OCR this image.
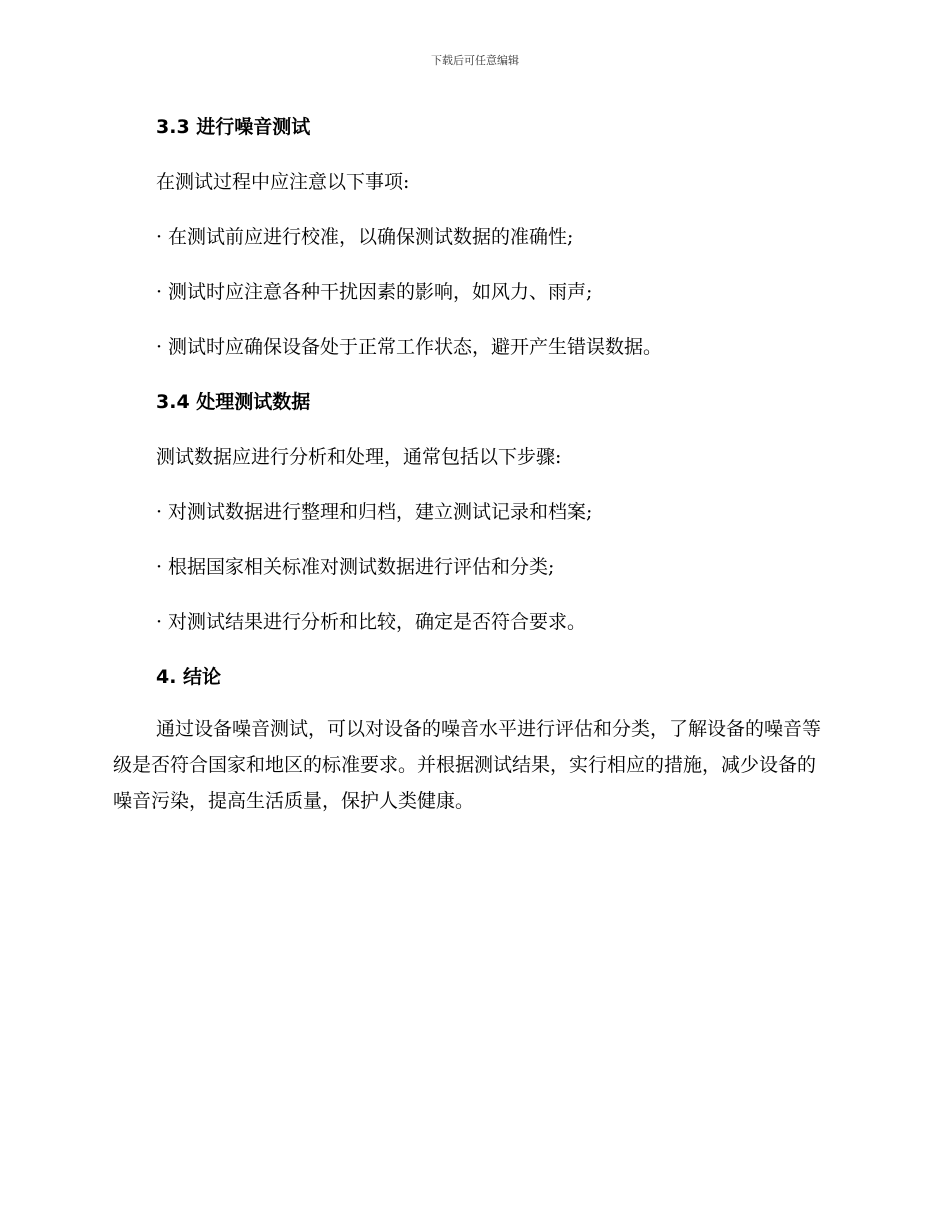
下载后可任意编辑
3.3 进行噪音测试

在测试过程中应注意以下事项:

· 在测试前应进行校准，以确保测试数据的准确性;

· 测试时应注意各种干扰因素的影响，如风力、雨声;

· 测试时应确保设备处于正常工作状态，避开产生错误数据。

3.4 处理测试数据

测试数据应进行分析和处理，通常包括以下步骤:

· 对测试数据进行整理和归档，建立测试记录和档案;

· 根据国家相关标准对测试数据进行评估和分类;

· 对测试结果进行分析和比较，确定是否符合要求。

4. 结论

通过设备噪音测试，可以对设备的噪音水平进行评估和分类，了解设备的噪音等级是否符合国家和地区的标准要求。并根据测试结果，实行相应的措施，减少设备的噪音污染，提高生活质量，保护人类健康。
